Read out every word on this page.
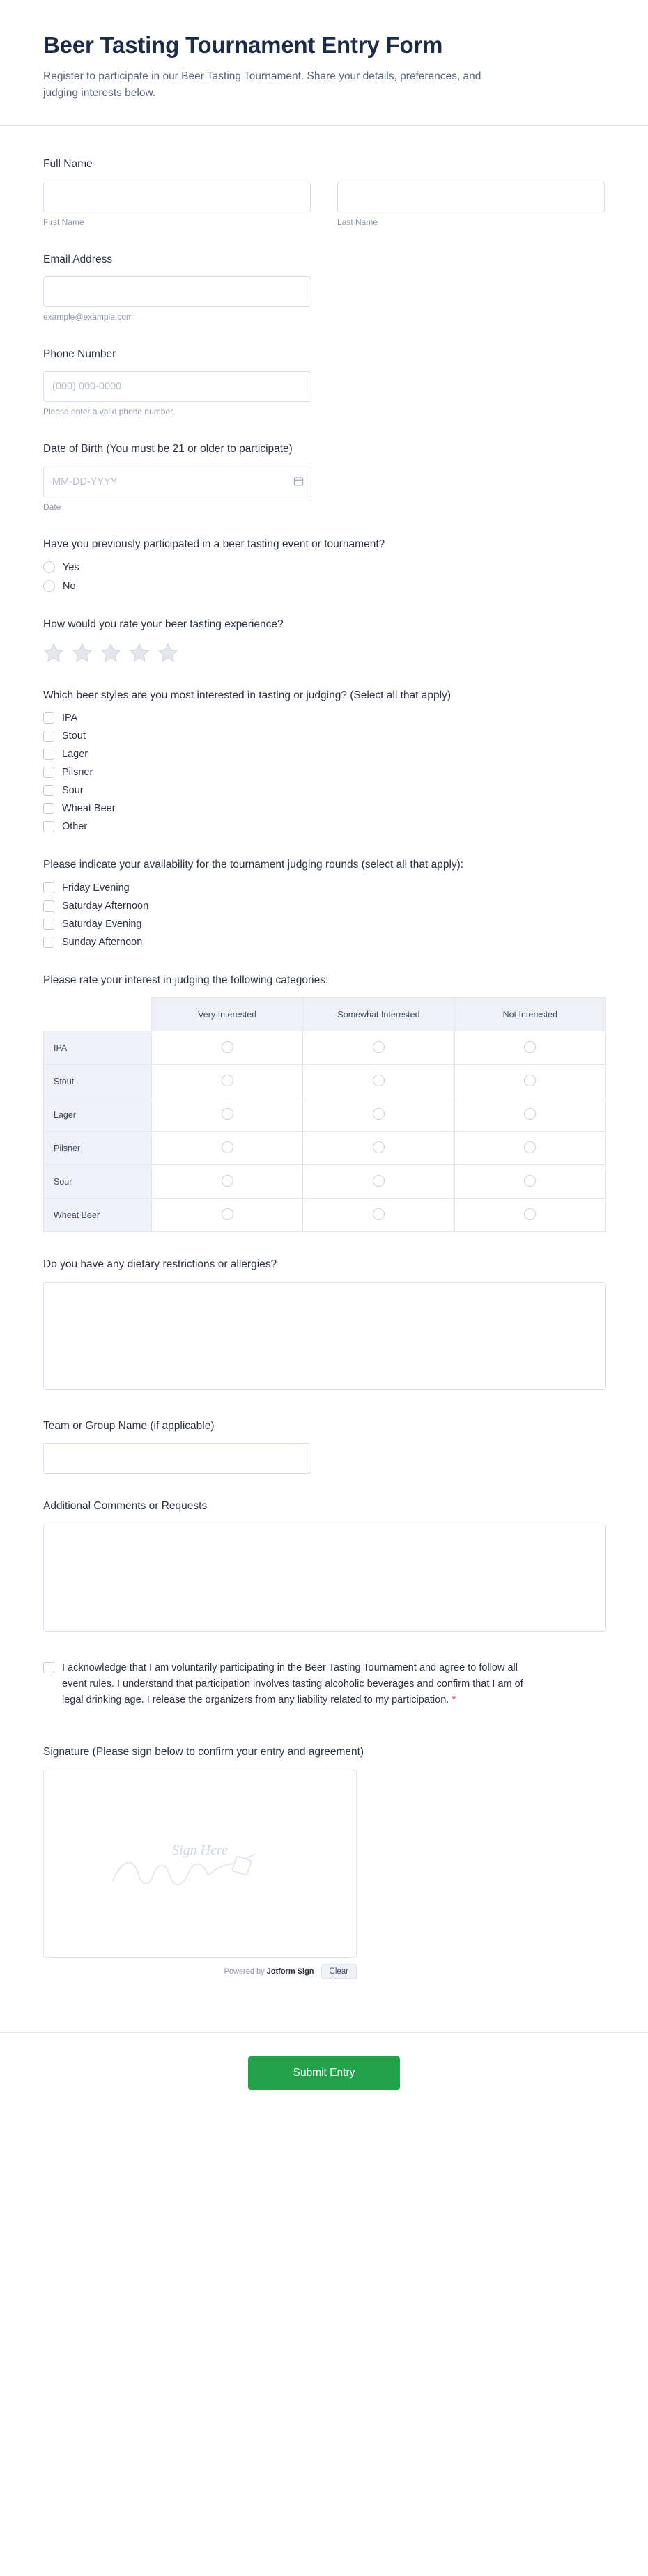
Beer Tasting Tournament Entry Form

Register to participate in our Beer Tasting Tournament. Share your details, preferences, and judging interests below.

Full Name
First Name	Last Name
Email Address
example@example.com
Phone Number
(000) 000-0000
Please enter a valid phone number.
Date of Birth (You must be 21 or older to participate)
MM-DD-YYYY
Date
Have you previously participated in a beer tasting event or tournament?
Yes
No
How would you rate your beer tasting experience?
Which beer styles are you most interested in tasting or judging? (Select all that apply)
IPA
Stout
Lager
Pilsner
Sour
Wheat Beer
Other
Please indicate your availability for the tournament judging rounds (select all that apply):
Friday Evening
Saturday Afternoon
Saturday Evening
Sunday Afternoon
Please rate your interest in judging the following categories:
	Very Interested	Somewhat Interested	Not Interested
IPA			
Stout			
Lager			
Pilsner			
Sour			
Wheat Beer			
Do you have any dietary restrictions or allergies?
Team or Group Name (if applicable)
Additional Comments or Requests
I acknowledge that I am voluntarily participating in the Beer Tasting Tournament and agree to follow all event rules. I understand that participation involves tasting alcoholic beverages and confirm that I am of legal drinking age. I release the organizers from any liability related to my participation. *
Signature (Please sign below to confirm your entry and agreement)
Sign Here
Powered by Jotform Sign	Clear
Submit Entry
